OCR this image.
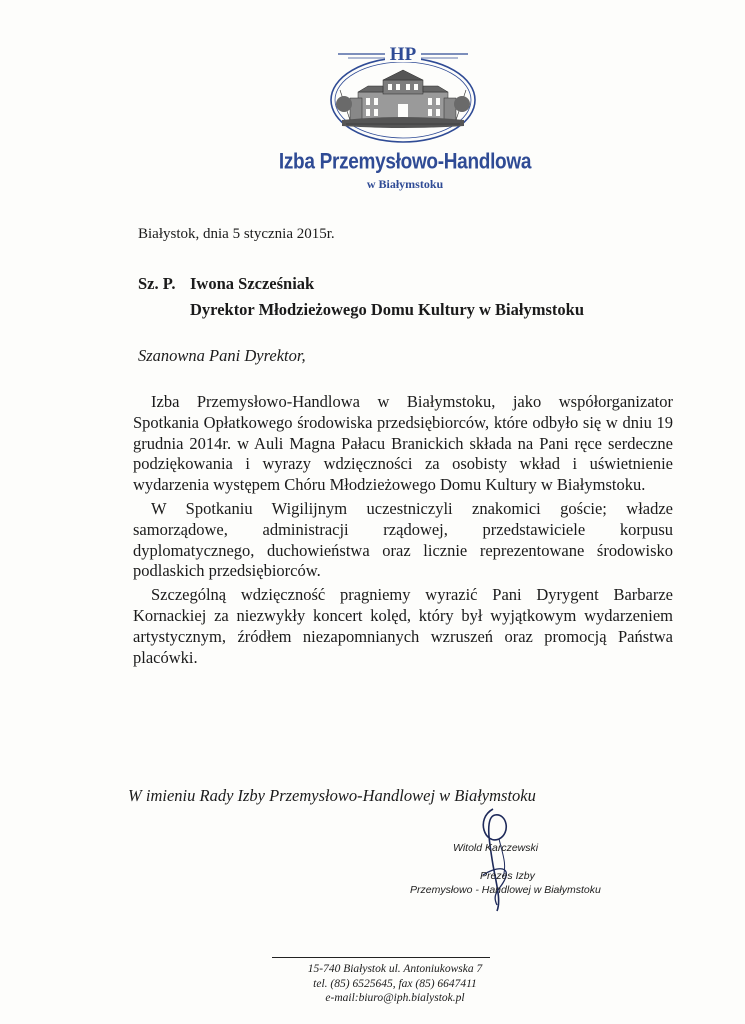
HP
Izba Przemysłowo-Handlowa
w Białymstoku
Białystok, dnia 5 stycznia 2015r.
Sz. P. Iwona Szcześniak
Dyrektor Młodzieżowego Domu Kultury w Białymstoku
Szanowna Pani Dyrektor,

Izba Przemysłowo-Handlowa w Białymstoku, jako współorganizator Spotkania Opłatkowego środowiska przedsiębiorców, które odbyło się w dniu 19 grudnia 2014r. w Auli Magna Pałacu Branickich składa na Pani ręce serdeczne podziękowania i wyrazy wdzięczności za osobisty wkład i uświetnienie wydarzenia występem Chóru Młodzieżowego Domu Kultury w Białymstoku.

W Spotkaniu Wigilijnym uczestniczyli znakomici goście; władze samorządowe, administracji rządowej, przedstawiciele korpusu dyplomatycznego, duchowieństwa oraz licznie reprezentowane środowisko podlaskich przedsiębiorców.

Szczególną wdzięczność pragniemy wyrazić Pani Dyrygent Barbarze Kornackiej za niezwykły koncert kolęd, który był wyjątkowym wydarzeniem artystycznym, źródłem niezapomnianych wzruszeń oraz promocją Państwa placówki.

W imieniu Rady Izby Przemysłowo-Handlowej w Białymstoku
Witold Karczewski
Prezes Izby
Przemysłowo - Handlowej w Białymstoku
15-740 Białystok ul. Antoniukowska 7
tel. (85) 6525645, fax (85) 6647411
e-mail:biuro@iph.bialystok.pl
